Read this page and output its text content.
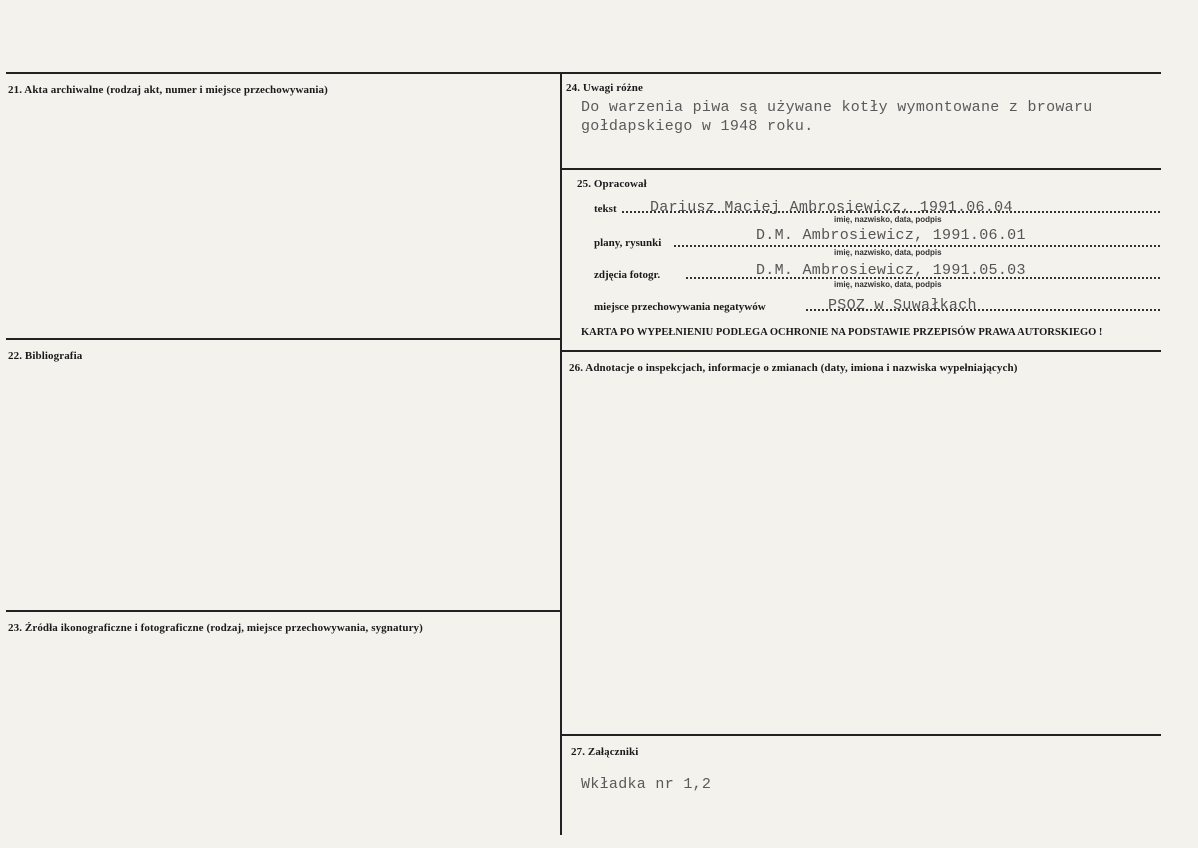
21. Akta archiwalne (rodzaj akt, numer i miejsce przechowywania)
22. Bibliografia
23. Źródła ikonograficzne i fotograficzne (rodzaj, miejsce przechowywania, sygnatury)
24. Uwagi różne
Do warzenia piwa są używane kotły wymontowane z browaru
gołdapskiego w 1948 roku.
25. Opracował
tekst Dariusz Maciej Ambrosiewicz, 1991.06.04
imię, nazwisko, data, podpis
plany, rysunki	D.M. Ambrosiewicz, 1991.06.01
imię, nazwisko, data, podpis
zdjęcia fotogr.	D.M. Ambrosiewicz, 1991.05.03
imię, nazwisko, data, podpis
miejsce przechowywania negatywów	PSOZ w Suwałkach
KARTA PO WYPEŁNIENIU PODLEGA OCHRONIE NA PODSTAWIE PRZEPISÓW PRAWA AUTORSKIEGO !
26. Adnotacje o inspekcjach, informacje o zmianach (daty, imiona i nazwiska wypełniających)
27. Załączniki
Wkładka nr 1,2
